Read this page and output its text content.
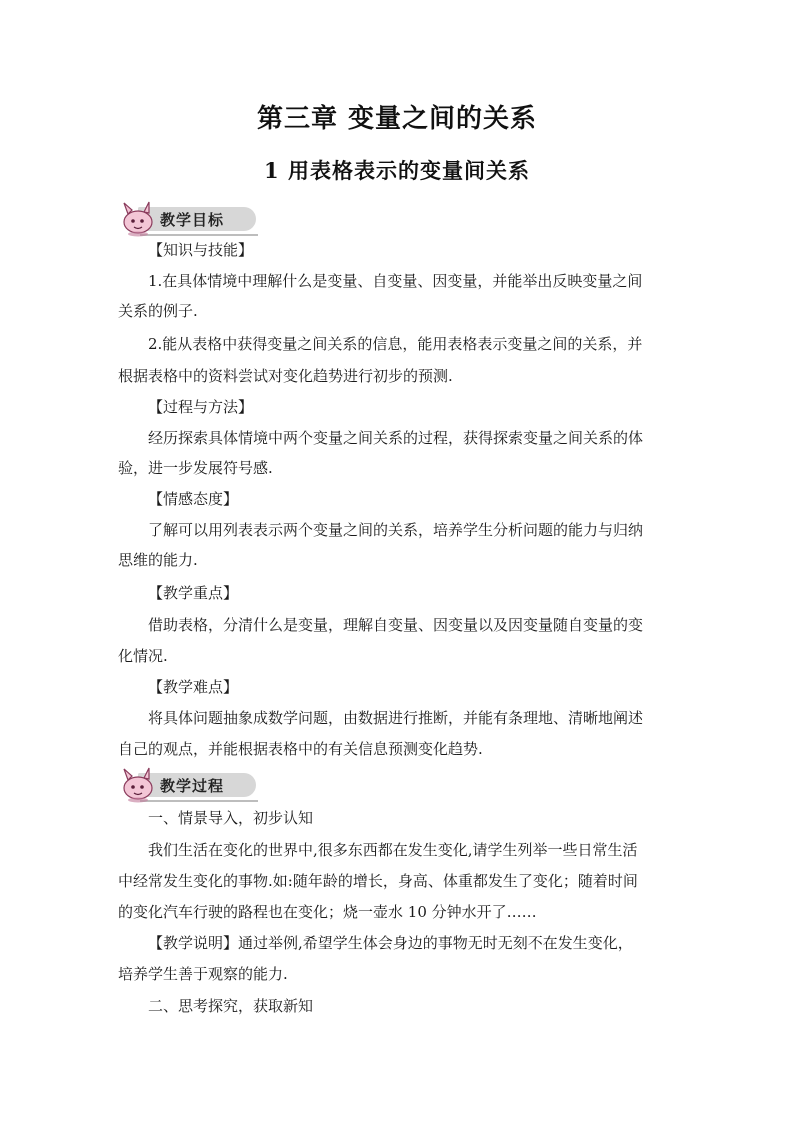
第三章 变量之间的关系
1 用表格表示的变量间关系
教学目标
【知识与技能】
1.在具体情境中理解什么是变量、自变量、因变量，并能举出反映变量之间
关系的例子.
2.能从表格中获得变量之间关系的信息，能用表格表示变量之间的关系，并
根据表格中的资料尝试对变化趋势进行初步的预测.
【过程与方法】
经历探索具体情境中两个变量之间关系的过程，获得探索变量之间关系的体
验，进一步发展符号感.
【情感态度】
了解可以用列表表示两个变量之间的关系，培养学生分析问题的能力与归纳
思维的能力.
【教学重点】
借助表格，分清什么是变量，理解自变量、因变量以及因变量随自变量的变
化情况.
【教学难点】
将具体问题抽象成数学问题，由数据进行推断，并能有条理地、清晰地阐述
自己的观点，并能根据表格中的有关信息预测变化趋势.
教学过程
一、情景导入，初步认知
我们生活在变化的世界中,很多东西都在发生变化,请学生列举一些日常生活
中经常发生变化的事物.如:随年龄的增长，身高、体重都发生了变化；随着时间
的变化汽车行驶的路程也在变化；烧一壶水 10 分钟水开了……
【教学说明】通过举例,希望学生体会身边的事物无时无刻不在发生变化，
培养学生善于观察的能力.
二、思考探究，获取新知
